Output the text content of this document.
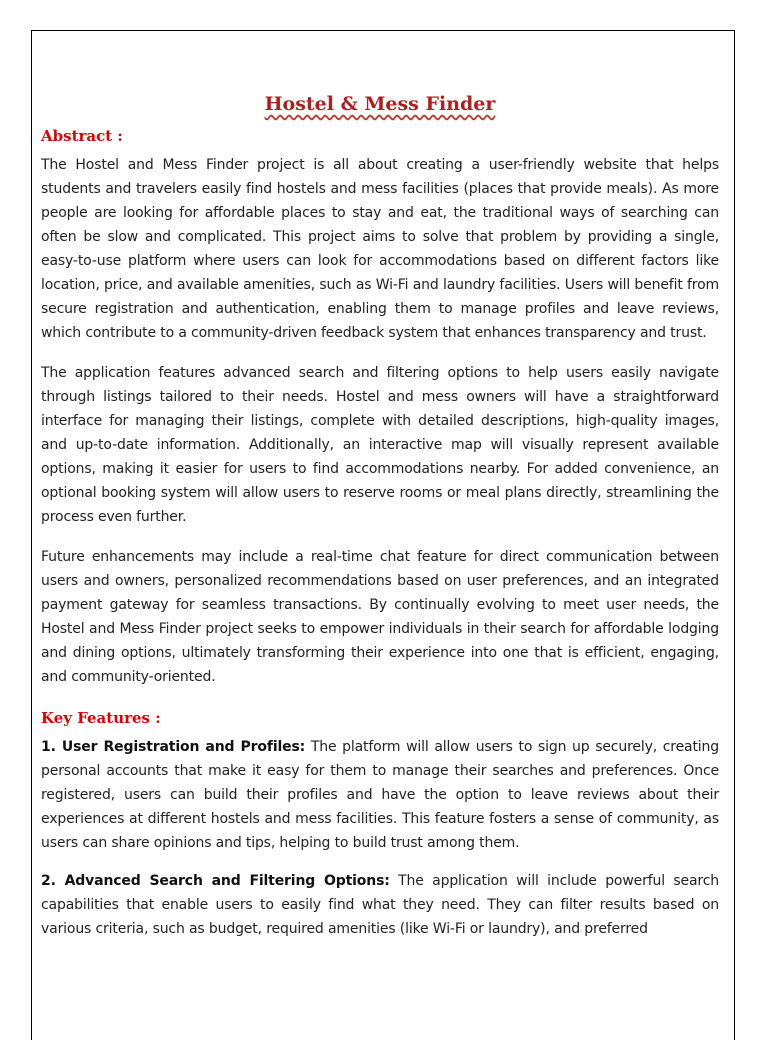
Hostel & Mess Finder
Abstract :

The Hostel and Mess Finder project is all about creating a user-friendly website that helps students and travelers easily find hostels and mess facilities (places that provide meals). As more people are looking for affordable places to stay and eat, the traditional ways of searching can often be slow and complicated. This project aims to solve that problem by providing a single, easy-to-use platform where users can look for accommodations based on different factors like location, price, and available amenities, such as Wi-Fi and laundry facilities. Users will benefit from secure registration and authentication, enabling them to manage profiles and leave reviews, which contribute to a community-driven feedback system that enhances transparency and trust.

The application features advanced search and filtering options to help users easily navigate through listings tailored to their needs. Hostel and mess owners will have a straightforward interface for managing their listings, complete with detailed descriptions, high-quality images, and up-to-date information. Additionally, an interactive map will visually represent available options, making it easier for users to find accommodations nearby. For added convenience, an optional booking system will allow users to reserve rooms or meal plans directly, streamlining the process even further.

Future enhancements may include a real-time chat feature for direct communication between users and owners, personalized recommendations based on user preferences, and an integrated payment gateway for seamless transactions. By continually evolving to meet user needs, the Hostel and Mess Finder project seeks to empower individuals in their search for affordable lodging and dining options, ultimately transforming their experience into one that is efficient, engaging, and community-oriented.

Key Features :

1. User Registration and Profiles: The platform will allow users to sign up securely, creating personal accounts that make it easy for them to manage their searches and preferences. Once registered, users can build their profiles and have the option to leave reviews about their experiences at different hostels and mess facilities. This feature fosters a sense of community, as users can share opinions and tips, helping to build trust among them.

2. Advanced Search and Filtering Options: The application will include powerful search capabilities that enable users to easily find what they need. They can filter results based on various criteria, such as budget, required amenities (like Wi-Fi or laundry), and preferred
